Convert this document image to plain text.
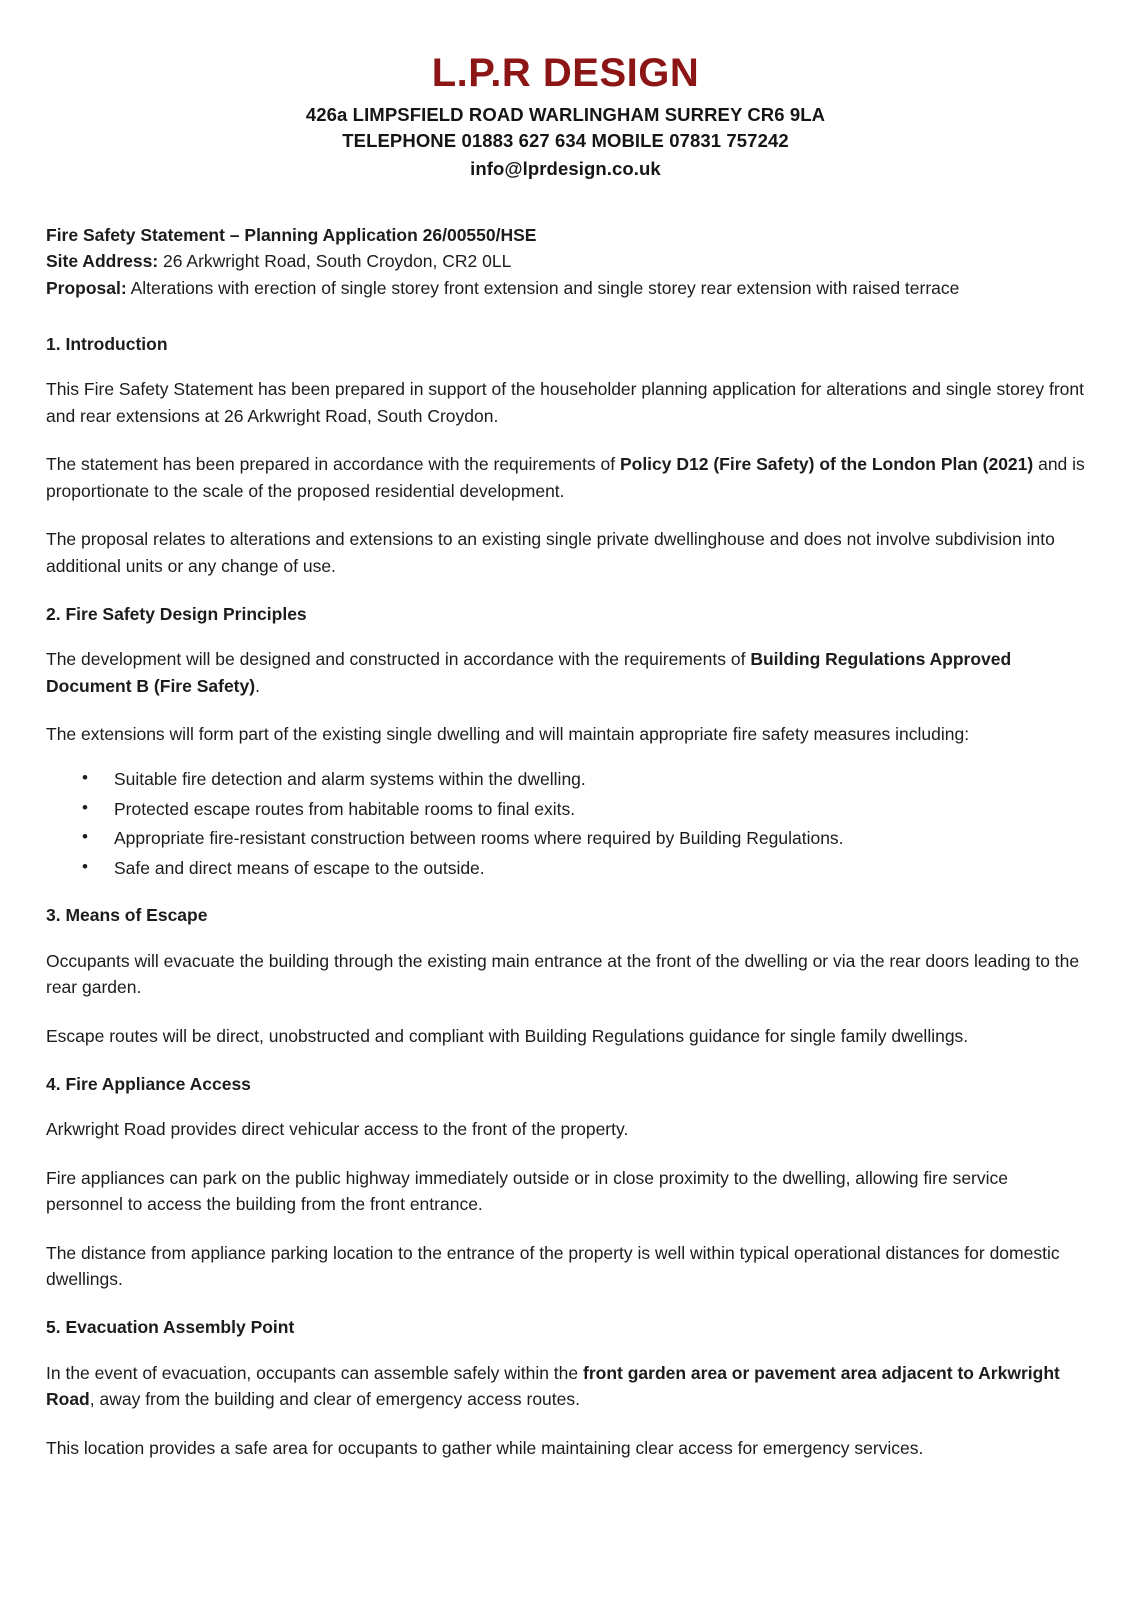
L.P.R DESIGN
426a LIMPSFIELD ROAD WARLINGHAM SURREY CR6 9LA
TELEPHONE 01883 627 634 MOBILE 07831 757242
info@lprdesign.co.uk
Fire Safety Statement – Planning Application 26/00550/HSE
Site Address: 26 Arkwright Road, South Croydon, CR2 0LL
Proposal: Alterations with erection of single storey front extension and single storey rear extension with raised terrace
1. Introduction

This Fire Safety Statement has been prepared in support of the householder planning application for alterations and single storey front and rear extensions at 26 Arkwright Road, South Croydon.

The statement has been prepared in accordance with the requirements of Policy D12 (Fire Safety) of the London Plan (2021) and is proportionate to the scale of the proposed residential development.

The proposal relates to alterations and extensions to an existing single private dwellinghouse and does not involve subdivision into additional units or any change of use.

2. Fire Safety Design Principles

The development will be designed and constructed in accordance with the requirements of Building Regulations Approved Document B (Fire Safety).

The extensions will form part of the existing single dwelling and will maintain appropriate fire safety measures including:

• Suitable fire detection and alarm systems within the dwelling.
• Protected escape routes from habitable rooms to final exits.
• Appropriate fire-resistant construction between rooms where required by Building Regulations.
• Safe and direct means of escape to the outside.
3. Means of Escape

Occupants will evacuate the building through the existing main entrance at the front of the dwelling or via the rear doors leading to the rear garden.

Escape routes will be direct, unobstructed and compliant with Building Regulations guidance for single family dwellings.

4. Fire Appliance Access

Arkwright Road provides direct vehicular access to the front of the property.

Fire appliances can park on the public highway immediately outside or in close proximity to the dwelling, allowing fire service personnel to access the building from the front entrance.

The distance from appliance parking location to the entrance of the property is well within typical operational distances for domestic dwellings.

5. Evacuation Assembly Point

In the event of evacuation, occupants can assemble safely within the front garden area or pavement area adjacent to Arkwright Road, away from the building and clear of emergency access routes.

This location provides a safe area for occupants to gather while maintaining clear access for emergency services.
